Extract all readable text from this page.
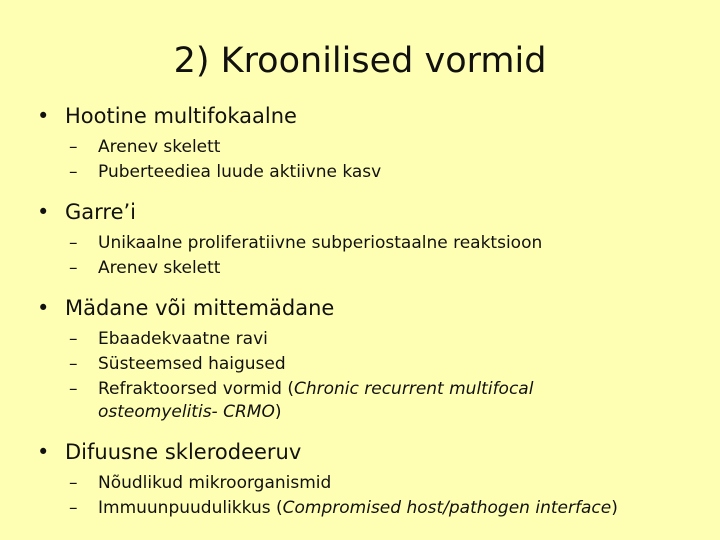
2) Kroonilised vormid
• Hootine multifokaalne
– Arenev skelett
– Puberteediea luude aktiivne kasv
• Garre’i
– Unikaalne proliferatiivne subperiostaalne reaktsioon
– Arenev skelett
• Mädane või mittemädane
– Ebaadekvaatne ravi
– Süsteemsed haigused
– Refraktoorsed vormid (Chronic recurrent multifocal
osteomyelitis- CRMO)
• Difuusne sklerodeeruv
– Nõudlikud mikroorganismid
– Immuunpuudulikkus (Compromised host/pathogen interface)
